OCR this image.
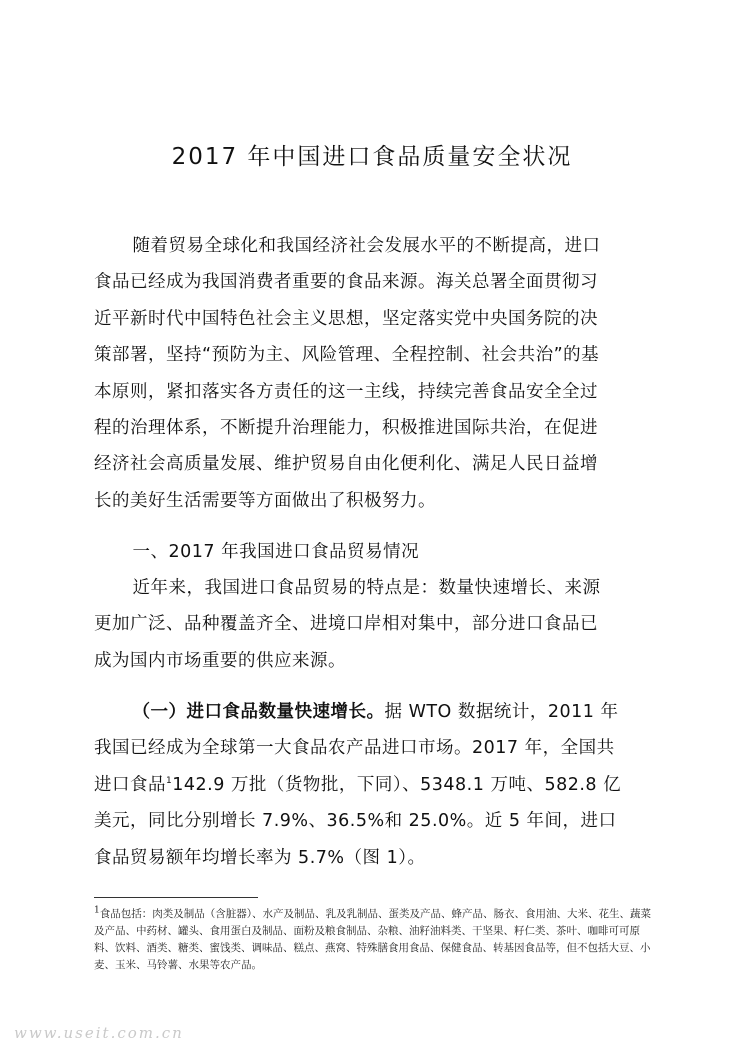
2017 年中国进口食品质量安全状况
随着贸易全球化和我国经济社会发展水平的不断提高，进口
食品已经成为我国消费者重要的食品来源。海关总署全面贯彻习
近平新时代中国特色社会主义思想，坚定落实党中央国务院的决
策部署，坚持“预防为主、风险管理、全程控制、社会共治”的基
本原则，紧扣落实各方责任的这一主线，持续完善食品安全全过
程的治理体系，不断提升治理能力，积极推进国际共治，在促进
经济社会高质量发展、维护贸易自由化便利化、满足人民日益增
长的美好生活需要等方面做出了积极努力。
一、2017 年我国进口食品贸易情况
近年来，我国进口食品贸易的特点是：数量快速增长、来源
更加广泛、品种覆盖齐全、进境口岸相对集中，部分进口食品已
成为国内市场重要的供应来源。
（一）进口食品数量快速增长。据 WTO 数据统计，2011 年
我国已经成为全球第一大食品农产品进口市场。2017 年，全国共
进口食品$^1$142.9 万批（货物批，下同）、5348.1 万吨、582.8 亿
美元，同比分别增长 7.9%、36.5%和 25.0%。近 5 年间，进口
食品贸易额年均增长率为 5.7%（图 1）。

$^1$食品包括：肉类及制品（含脏器）、水产及制品、乳及乳制品、蛋类及产品、蜂产品、肠衣、食用油、大米、花生、蔬菜及产品、中药材、罐头、食用蛋白及制品、面粉及粮食制品、杂粮、油籽油料类、干坚果、籽仁类、茶叶、咖啡可可原料、饮料、酒类、糖类、蜜饯类、调味品、糕点、燕窝、特殊膳食用食品、保健食品、转基因食品等，但不包括大豆、小麦、玉米、马铃薯、水果等农产品。

www.useit.com.cn
